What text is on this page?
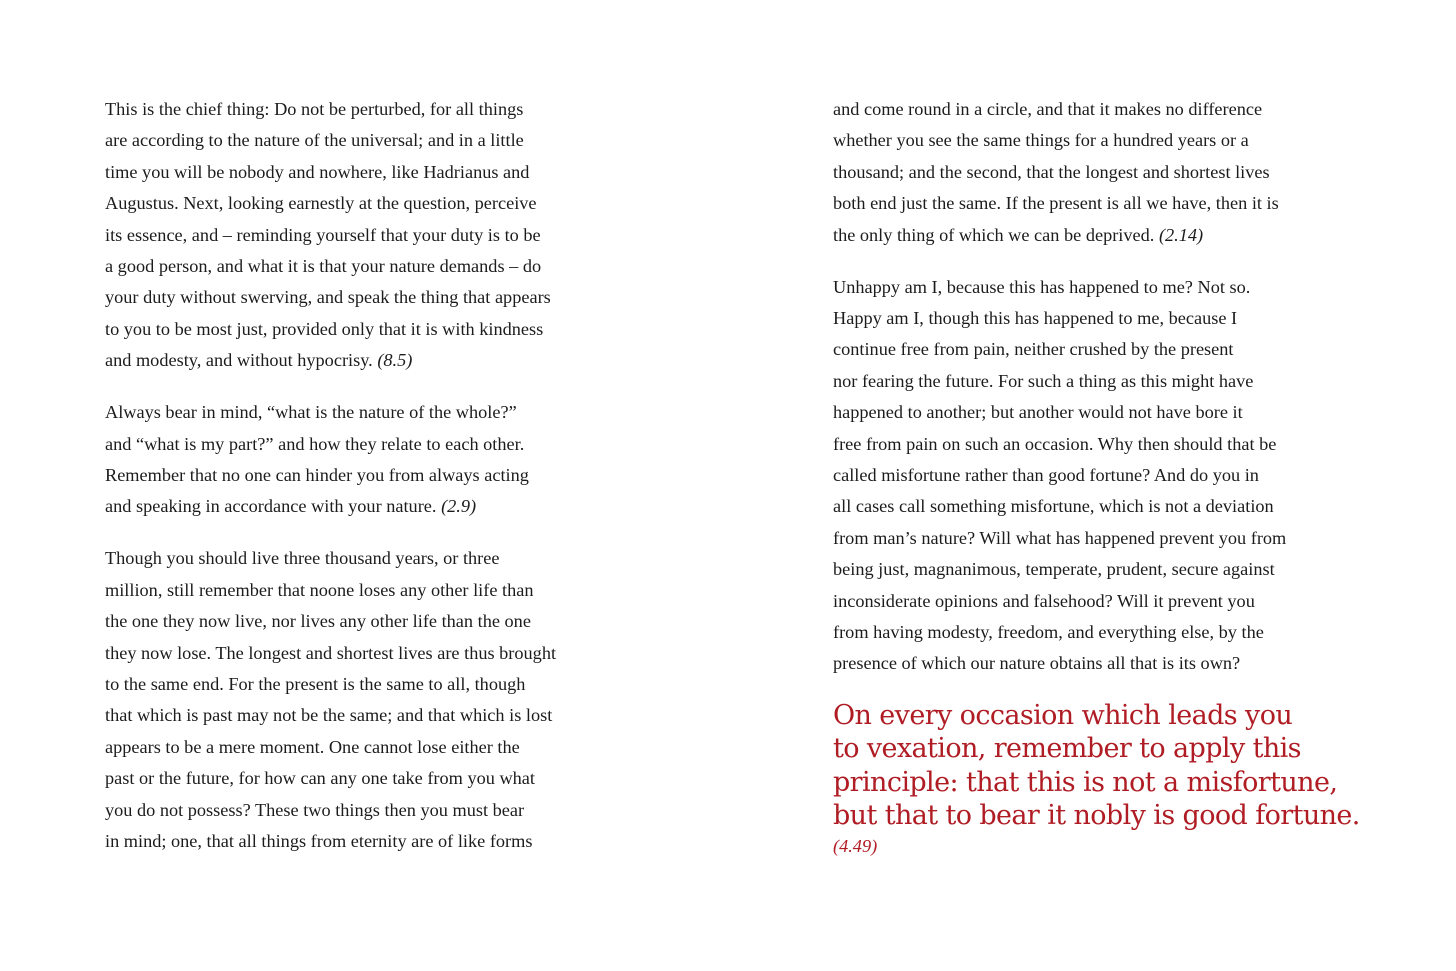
This is the chief thing: Do not be perturbed, for all things
are according to the nature of the universal; and in a little
time you will be nobody and nowhere, like Hadrianus and
Augustus. Next, looking earnestly at the question, perceive
its essence, and – reminding yourself that your duty is to be
a good person, and what it is that your nature demands – do
your duty without swerving, and speak the thing that appears
to you to be most just, provided only that it is with kindness
and modesty, and without hypocrisy. (8.5)
Always bear in mind, “what is the nature of the whole?”
and “what is my part?” and how they relate to each other.
Remember that no one can hinder you from always acting
and speaking in accordance with your nature. (2.9)
Though you should live three thousand years, or three
million, still remember that noone loses any other life than
the one they now live, nor lives any other life than the one
they now lose. The longest and shortest lives are thus brought
to the same end. For the present is the same to all, though
that which is past may not be the same; and that which is lost
appears to be a mere moment. One cannot lose either the
past or the future, for how can any one take from you what
you do not possess? These two things then you must bear
in mind; one, that all things from eternity are of like forms
and come round in a circle, and that it makes no difference
whether you see the same things for a hundred years or a
thousand; and the second, that the longest and shortest lives
both end just the same. If the present is all we have, then it is
the only thing of which we can be deprived. (2.14)
Unhappy am I, because this has happened to me? Not so.
Happy am I, though this has happened to me, because I
continue free from pain, neither crushed by the present
nor fearing the future. For such a thing as this might have
happened to another; but another would not have bore it
free from pain on such an occasion. Why then should that be
called misfortune rather than good fortune? And do you in
all cases call something misfortune, which is not a deviation
from man’s nature? Will what has happened prevent you from
being just, magnanimous, temperate, prudent, secure against
inconsiderate opinions and falsehood? Will it prevent you
from having modesty, freedom, and everything else, by the
presence of which our nature obtains all that is its own?
On every occasion which leads you
to vexation, remember to apply this
principle: that this is not a misfortune,
but that to bear it nobly is good fortune.
(4.49)
